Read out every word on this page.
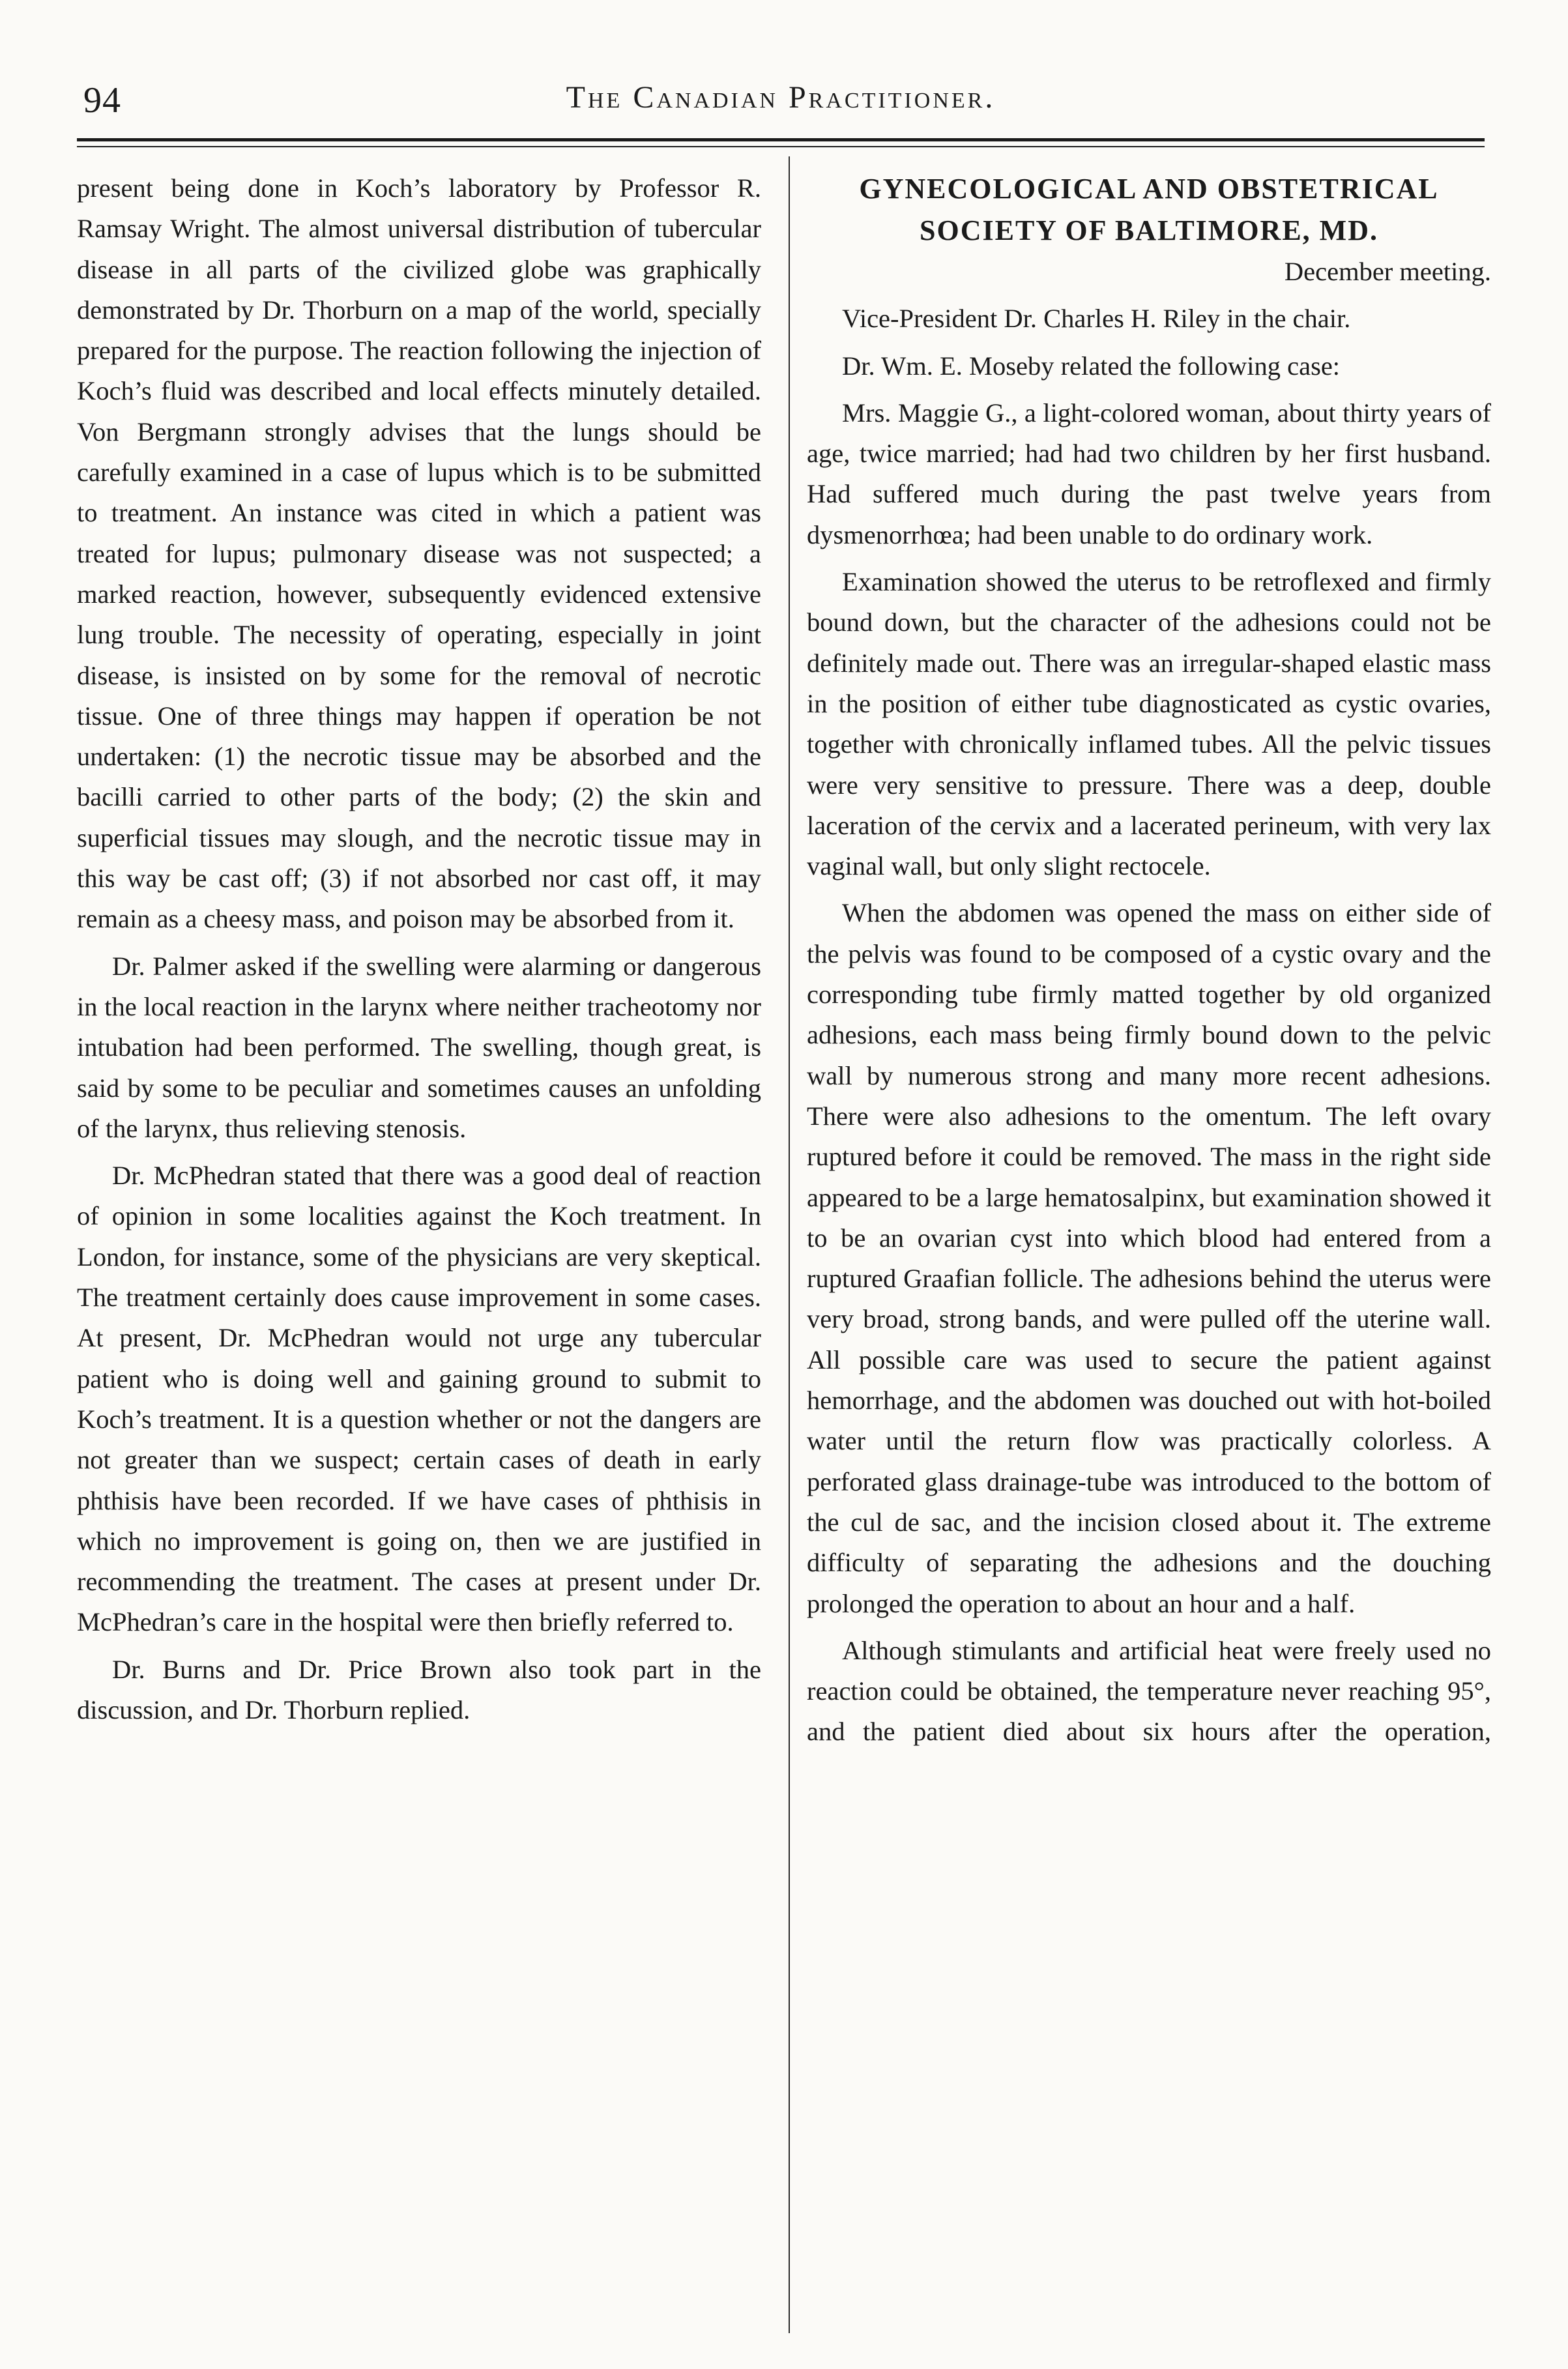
94	The Canadian Practitioner.

present being done in Koch’s laboratory by Professor R. Ramsay Wright. The almost universal distribution of tubercular disease in all parts of the civilized globe was graphically demonstrated by Dr. Thorburn on a map of the world, specially prepared for the purpose. The reaction following the injection of Koch’s fluid was described and local effects minutely detailed. Von Bergmann strongly advises that the lungs should be carefully examined in a case of lupus which is to be submitted to treatment. An instance was cited in which a patient was treated for lupus; pulmonary disease was not suspected; a marked reaction, however, subsequently evidenced extensive lung trouble. The necessity of operating, especially in joint disease, is insisted on by some for the removal of necrotic tissue. One of three things may happen if operation be not undertaken: (1) the necrotic tissue may be absorbed and the bacilli carried to other parts of the body; (2) the skin and superficial tissues may slough, and the necrotic tissue may in this way be cast off; (3) if not absorbed nor cast off, it may remain as a cheesy mass, and poison may be absorbed from it.

Dr. Palmer asked if the swelling were alarming or dangerous in the local reaction in the larynx where neither tracheotomy nor intubation had been performed. The swelling, though great, is said by some to be peculiar and sometimes causes an unfolding of the larynx, thus relieving stenosis.

Dr. McPhedran stated that there was a good deal of reaction of opinion in some localities against the Koch treatment. In London, for instance, some of the physicians are very skeptical. The treatment certainly does cause improvement in some cases. At present, Dr. McPhedran would not urge any tubercular patient who is doing well and gaining ground to submit to Koch’s treatment. It is a question whether or not the dangers are not greater than we suspect; certain cases of death in early phthisis have been recorded. If we have cases of phthisis in which no improvement is going on, then we are justified in recommending the treatment. The cases at present under Dr. McPhedran’s care in the hospital were then briefly referred to.

Dr. Burns and Dr. Price Brown also took part in the discussion, and Dr. Thorburn replied.

GYNECOLOGICAL AND OBSTETRICAL SOCIETY OF BALTIMORE, MD.

December meeting.

Vice-President Dr. Charles H. Riley in the chair.

Dr. Wm. E. Moseby related the following case:

Mrs. Maggie G., a light-colored woman, about thirty years of age, twice married; had had two children by her first husband. Had suffered much during the past twelve years from dysmenorrhœa; had been unable to do ordinary work.

Examination showed the uterus to be retroflexed and firmly bound down, but the character of the adhesions could not be definitely made out. There was an irregular-shaped elastic mass in the position of either tube diagnosticated as cystic ovaries, together with chronically inflamed tubes. All the pelvic tissues were very sensitive to pressure. There was a deep, double laceration of the cervix and a lacerated perineum, with very lax vaginal wall, but only slight rectocele.

When the abdomen was opened the mass on either side of the pelvis was found to be composed of a cystic ovary and the corresponding tube firmly matted together by old organized adhesions, each mass being firmly bound down to the pelvic wall by numerous strong and many more recent adhesions. There were also adhesions to the omentum. The left ovary ruptured before it could be removed. The mass in the right side appeared to be a large hematosalpinx, but examination showed it to be an ovarian cyst into which blood had entered from a ruptured Graafian follicle. The adhesions behind the uterus were very broad, strong bands, and were pulled off the uterine wall. All possible care was used to secure the patient against hemorrhage, and the abdomen was douched out with hot-boiled water until the return flow was practically colorless. A perforated glass drainage-tube was introduced to the bottom of the cul de sac, and the incision closed about it. The extreme difficulty of separating the adhesions and the douching prolonged the operation to about an hour and a half.

Although stimulants and artificial heat were freely used no reaction could be obtained, the temperature never reaching 95°, and the patient died about six hours after the operation,
